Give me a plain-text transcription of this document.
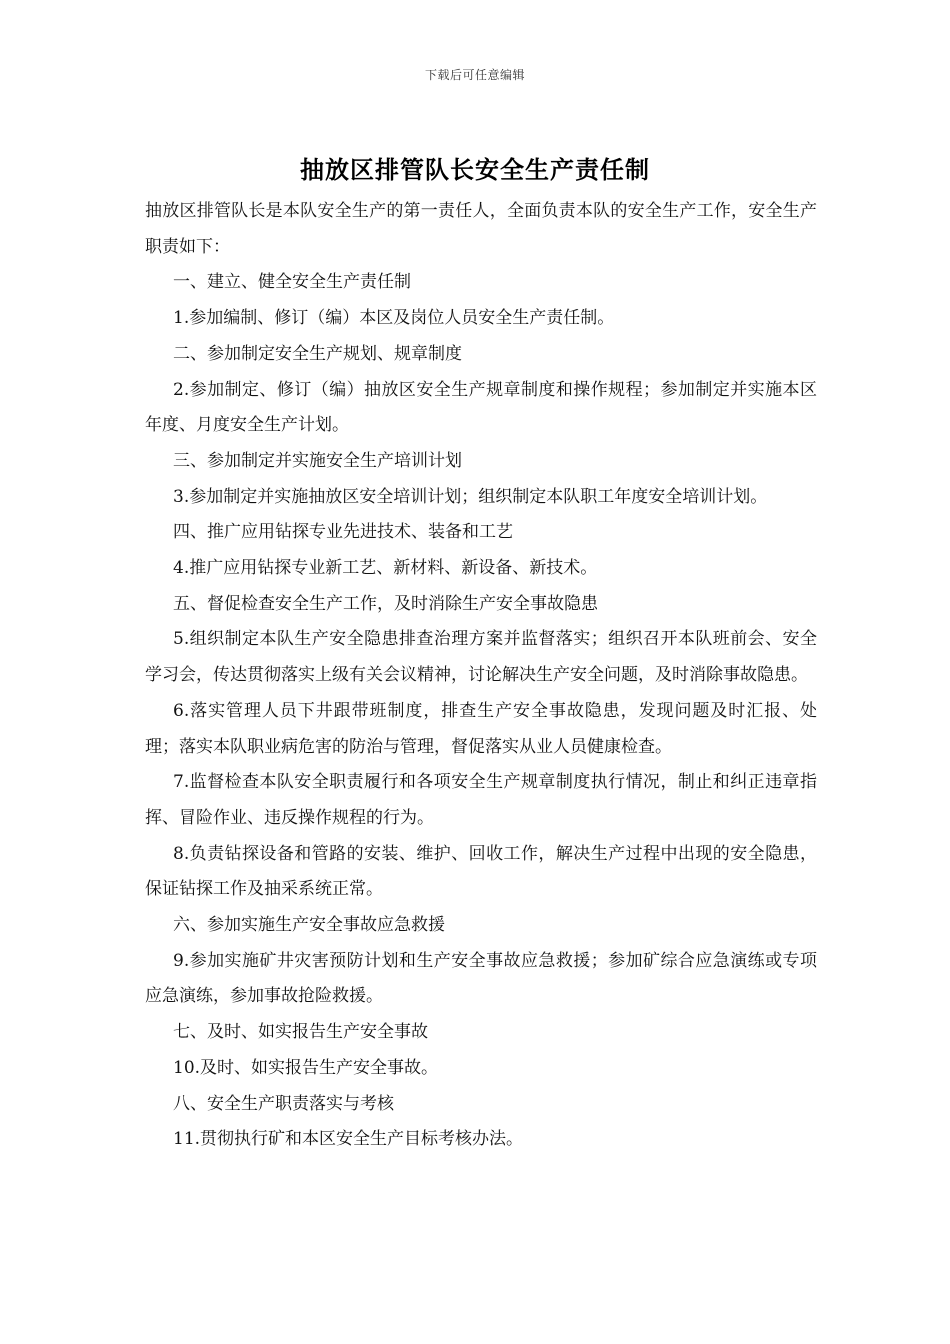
下载后可任意编辑
抽放区排管队长安全生产责任制

抽放区排管队长是本队安全生产的第一责任人，全面负责本队的安全生产工作，安全生产职责如下：

一、建立、健全安全生产责任制

1.参加编制、修订（编）本区及岗位人员安全生产责任制。

二、参加制定安全生产规划、规章制度

2.参加制定、修订（编）抽放区安全生产规章制度和操作规程；参加制定并实施本区年度、月度安全生产计划。

三、参加制定并实施安全生产培训计划

3.参加制定并实施抽放区安全培训计划；组织制定本队职工年度安全培训计划。

四、推广应用钻探专业先进技术、装备和工艺

4.推广应用钻探专业新工艺、新材料、新设备、新技术。

五、督促检查安全生产工作，及时消除生产安全事故隐患

5.组织制定本队生产安全隐患排查治理方案并监督落实；组织召开本队班前会、安全学习会，传达贯彻落实上级有关会议精神，讨论解决生产安全问题，及时消除事故隐患。

6.落实管理人员下井跟带班制度，排查生产安全事故隐患，发现问题及时汇报、处理；落实本队职业病危害的防治与管理，督促落实从业人员健康检查。

7.监督检查本队安全职责履行和各项安全生产规章制度执行情况，制止和纠正违章指挥、冒险作业、违反操作规程的行为。

8.负责钻探设备和管路的安装、维护、回收工作，解决生产过程中出现的安全隐患，保证钻探工作及抽采系统正常。

六、参加实施生产安全事故应急救援

9.参加实施矿井灾害预防计划和生产安全事故应急救援；参加矿综合应急演练或专项应急演练，参加事故抢险救援。

七、及时、如实报告生产安全事故

10.及时、如实报告生产安全事故。

八、安全生产职责落实与考核

11.贯彻执行矿和本区安全生产目标考核办法。
